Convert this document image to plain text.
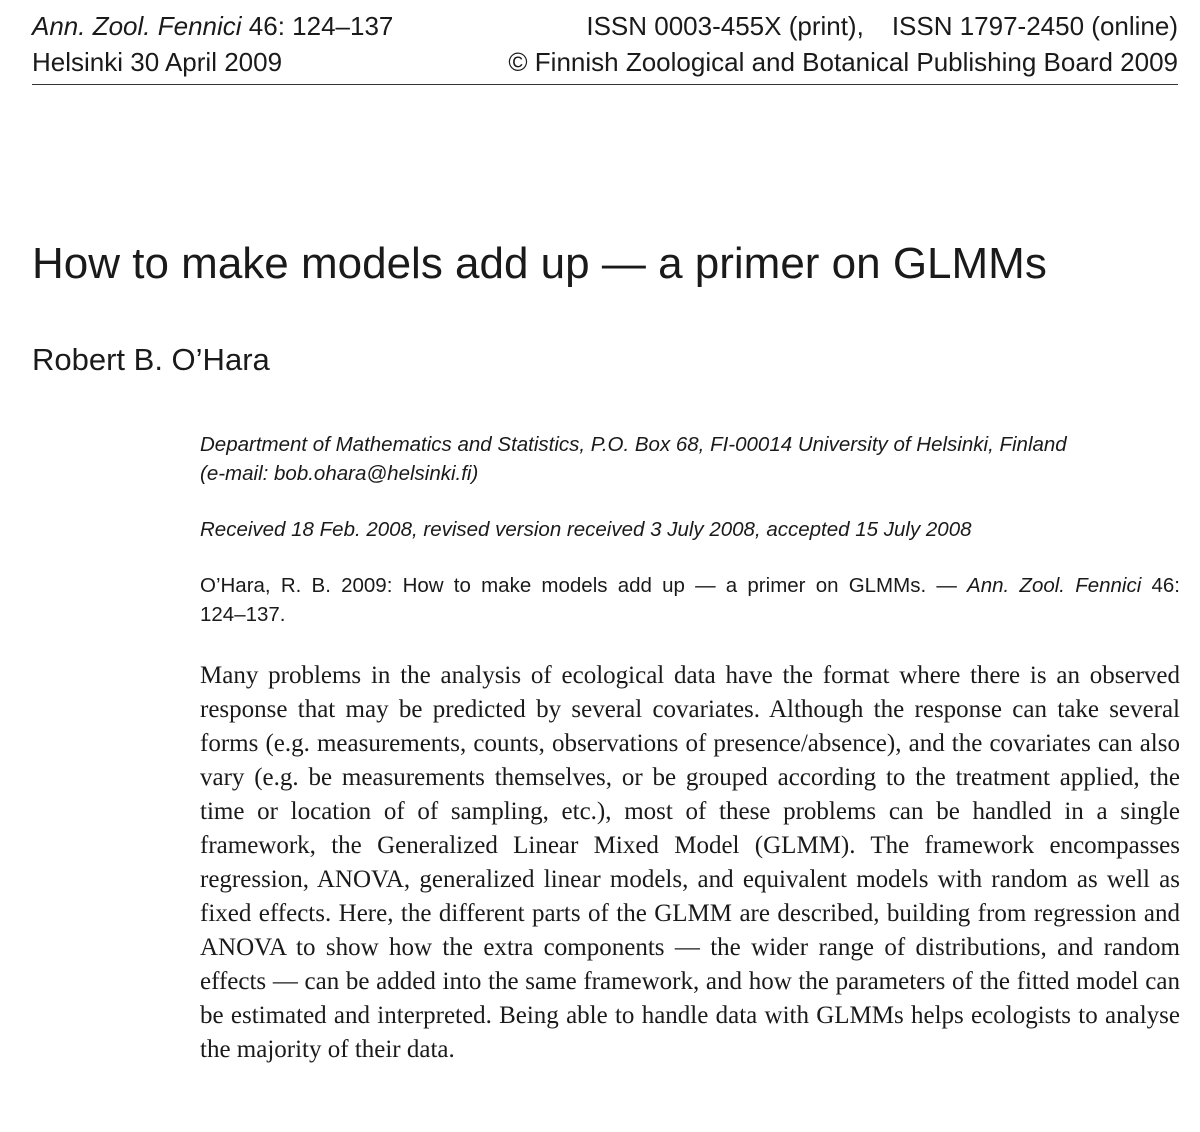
Ann. Zool. Fennici 46: 124–137	ISSN 0003-455X (print), ISSN 1797-2450 (online)
Helsinki 30 April 2009	© Finnish Zoological and Botanical Publishing Board 2009
How to make models add up — a primer on GLMMs
Robert B. O’Hara
Department of Mathematics and Statistics, P.O. Box 68, FI-00014 University of Helsinki, Finland
(e-mail: bob.ohara@helsinki.fi)
Received 18 Feb. 2008, revised version received 3 July 2008, accepted 15 July 2008
O’Hara, R. B. 2009: How to make models add up — a primer on GLMMs. — Ann. Zool. Fennici 46:
124–137.
Many problems in the analysis of ecological data have the format where there is an observed response that may be predicted by several covariates. Although the response can take several forms (e.g. measurements, counts, observations of presence/absence), and the covariates can also vary (e.g. be measurements themselves, or be grouped according to the treatment applied, the time or location of of sampling, etc.), most of these problems can be handled in a single framework, the Generalized Linear Mixed Model (GLMM). The framework encompasses regression, ANOVA, generalized linear models, and equivalent models with random as well as fixed effects. Here, the different parts of the GLMM are described, building from regression and ANOVA to show how the extra components — the wider range of distributions, and random effects — can be added into the same framework, and how the parameters of the fitted model can be estimated and interpreted. Being able to handle data with GLMMs helps ecologists to analyse the majority of their data.
